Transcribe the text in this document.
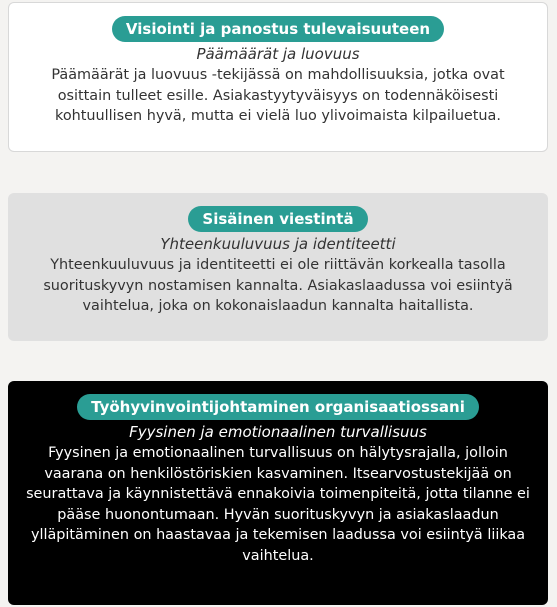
Visiointi ja panostus tulevaisuuteen
Päämäärät ja luovuus
Päämäärät ja luovuus -tekijässä on mahdollisuuksia, jotka ovat osittain tulleet esille. Asiakastyytyväisyys on todennäköisesti kohtuullisen hyvä, mutta ei vielä luo ylivoimaista kilpailuetua.
Sisäinen viestintä
Yhteenkuuluvuus ja identiteetti
Yhteenkuuluvuus ja identiteetti ei ole riittävän korkealla tasolla suorituskyvyn nostamisen kannalta. Asiakaslaadussa voi esiintyä vaihtelua, joka on kokonaislaadun kannalta haitallista.
Työhyvinvointijohtaminen organisaatiossani
Fyysinen ja emotionaalinen turvallisuus
Fyysinen ja emotionaalinen turvallisuus on hälytysrajalla, jolloin vaarana on henkilöstöriskien kasvaminen. Itsearvostustekijää on seurattava ja käynnistettävä ennakoivia toimenpiteitä, jotta tilanne ei pääse huonontumaan. Hyvän suorituskyvyn ja asiakaslaadun ylläpitäminen on haastavaa ja tekemisen laadussa voi esiintyä liikaa vaihtelua.
